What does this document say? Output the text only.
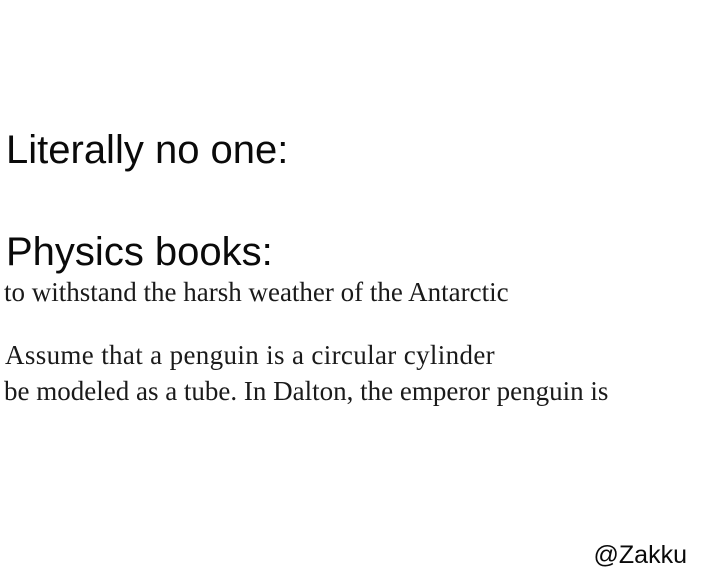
Literally no one:
Physics books:
to withstand the harsh weather of the Antarctic
Assume that a penguin is a circular cylinder
be modeled as a tube. In Dalton, the emperor penguin is
@Zakku
